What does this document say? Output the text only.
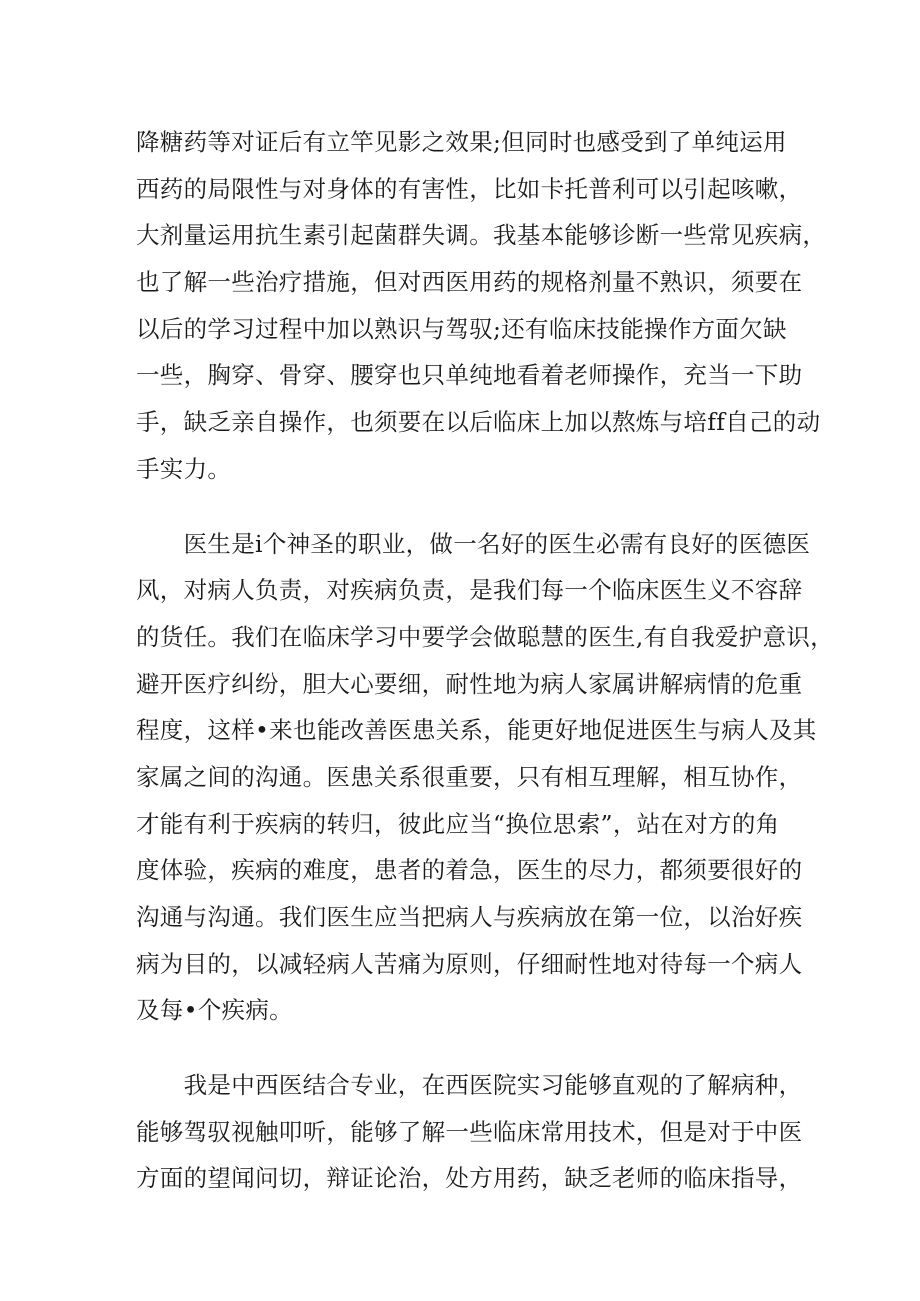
降糖药等对证后有立竿见影之效果;但同时也感受到了单纯运用
西药的局限性与对身体的有害性，比如卡托普利可以引起咳嗽，
大剂量运用抗生素引起菌群失调。我基本能够诊断一些常见疾病，
也了解一些治疗措施，但对西医用药的规格剂量不熟识，须要在
以后的学习过程中加以熟识与驾驭;还有临床技能操作方面欠缺
一些，胸穿、骨穿、腰穿也只单纯地看着老师操作，充当一下助
手，缺乏亲自操作，也须要在以后临床上加以熬炼与培ff自己的动
手实力。
　　医生是i个神圣的职业，做一名好的医生必需有良好的医德医
风，对病人负责，对疾病负责，是我们每一个临床医生义不容辞
的货任。我们在临床学习中要学会做聪慧的医生,有自我爱护意识，
避开医疗纠纷，胆大心要细，耐性地为病人家属讲解病情的危重
程度，这样•来也能改善医患关系，能更好地促进医生与病人及其
家属之间的沟通。医患关系很重要，只有相互理解，相互协作，
才能有利于疾病的转归，彼此应当“换位思索”，站在对方的角
度体验，疾病的难度，患者的着急，医生的尽力，都须要很好的
沟通与沟通。我们医生应当把病人与疾病放在第一位，以治好疾
病为目的，以减轻病人苦痛为原则，仔细耐性地对待每一个病人
及每•个疾病。
　　我是中西医结合专业，在西医院实习能够直观的了解病种，
能够驾驭视触叩听，能够了解一些临床常用技术，但是对于中医
方面的望闻问切，辩证论治，处方用药，缺乏老师的临床指导，
